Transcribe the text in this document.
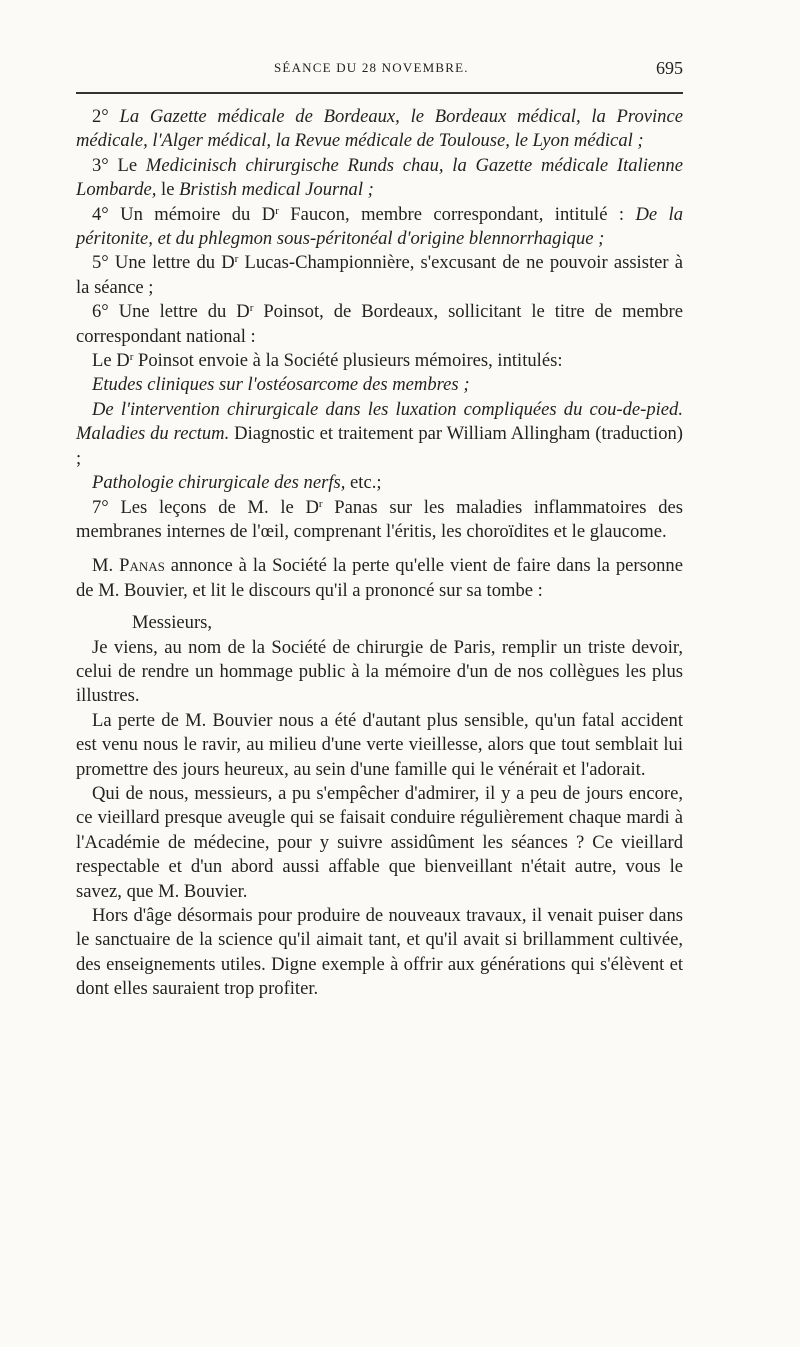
SÉANCE DU 28 NOVEMBRE.	695

2° La Gazette médicale de Bordeaux, le Bordeaux médical, la Province médicale, l'Alger médical, la Revue médicale de Toulouse, le Lyon médical ;

3° Le Medicinisch chirurgische Runds chau, la Gazette médicale Italienne Lombarde, le Bristish medical Journal ;

4° Un mémoire du $D^r$ Faucon, membre correspondant, intitulé : De la péritonite, et du phlegmon sous-péritonéal d'origine blennorrhagique ;

5° Une lettre du $D^r$ Lucas-Championnière, s'excusant de ne pouvoir assister à la séance ;

6° Une lettre du $D^r$ Poinsot, de Bordeaux, sollicitant le titre de membre correspondant national :

Le $D^r$ Poinsot envoie à la Société plusieurs mémoires, intitulés:

Etudes cliniques sur l'ostéosarcome des membres ;

De l'intervention chirurgicale dans les luxation compliquées du cou-de-pied. Maladies du rectum. Diagnostic et traitement par William Allingham (traduction) ;

Pathologie chirurgicale des nerfs, etc.;

7° Les leçons de M. le $D^r$ Panas sur les maladies inflammatoires des membranes internes de l'œil, comprenant l'éritis, les choroïdites et le glaucome.

M. Panas annonce à la Société la perte qu'elle vient de faire dans la personne de M. Bouvier, et lit le discours qu'il a prononcé sur sa tombe :

Messieurs,

Je viens, au nom de la Société de chirurgie de Paris, remplir un triste devoir, celui de rendre un hommage public à la mémoire d'un de nos collègues les plus illustres.

La perte de M. Bouvier nous a été d'autant plus sensible, qu'un fatal accident est venu nous le ravir, au milieu d'une verte vieillesse, alors que tout semblait lui promettre des jours heureux, au sein d'une famille qui le vénérait et l'adorait.

Qui de nous, messieurs, a pu s'empêcher d'admirer, il y a peu de jours encore, ce vieillard presque aveugle qui se faisait conduire régulièrement chaque mardi à l'Académie de médecine, pour y suivre assidûment les séances ? Ce vieillard respectable et d'un abord aussi affable que bienveillant n'était autre, vous le savez, que M. Bouvier.

Hors d'âge désormais pour produire de nouveaux travaux, il venait puiser dans le sanctuaire de la science qu'il aimait tant, et qu'il avait si brillamment cultivée, des enseignements utiles. Digne exemple à offrir aux générations qui s'élèvent et dont elles sauraient trop profiter.
